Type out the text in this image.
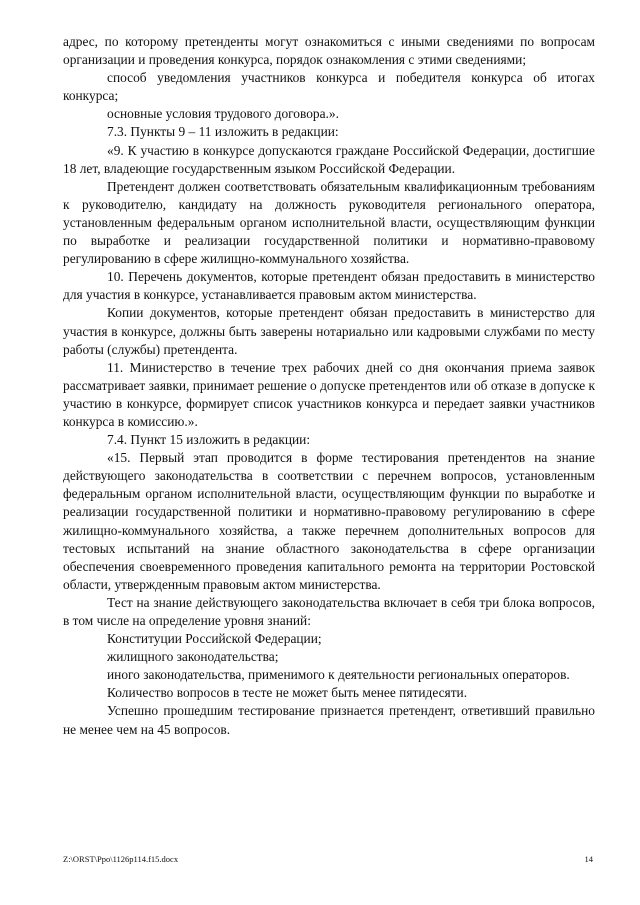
адрес, по которому претенденты могут ознакомиться с иными сведениями по вопросам организации и проведения конкурса, порядок ознакомления с этими сведениями;

способ уведомления участников конкурса и победителя конкурса об итогах конкурса;

основные условия трудового договора.».

7.3. Пункты 9 – 11 изложить в редакции:

«9. К участию в конкурсе допускаются граждане Российской Федерации, достигшие 18 лет, владеющие государственным языком Российской Федерации.

Претендент должен соответствовать обязательным квалификационным требованиям к руководителю, кандидату на должность руководителя регионального оператора, установленным федеральным органом исполнительной власти, осуществляющим функции по выработке и реализации государственной политики и нормативно-правовому регулированию в сфере жилищно-коммунального хозяйства.

10. Перечень документов, которые претендент обязан предоставить в министерство для участия в конкурсе, устанавливается правовым актом министерства.

Копии документов, которые претендент обязан предоставить в министерство для участия в конкурсе, должны быть заверены нотариально или кадровыми службами по месту работы (службы) претендента.

11. Министерство в течение трех рабочих дней со дня окончания приема заявок рассматривает заявки, принимает решение о допуске претендентов или об отказе в допуске к участию в конкурсе, формирует список участников конкурса и передает заявки участников конкурса в комиссию.».

7.4. Пункт 15 изложить в редакции:

«15. Первый этап проводится в форме тестирования претендентов на знание действующего законодательства в соответствии с перечнем вопросов, установленным федеральным органом исполнительной власти, осуществляющим функции по выработке и реализации государственной политики и нормативно-правовому регулированию в сфере жилищно-коммунального хозяйства, а также перечнем дополнительных вопросов для тестовых испытаний на знание областного законодательства в сфере организации обеспечения своевременного проведения капитального ремонта на территории Ростовской области, утвержденным правовым актом министерства.

Тест на знание действующего законодательства включает в себя три блока вопросов, в том числе на определение уровня знаний:

Конституции Российской Федерации;

жилищного законодательства;

иного законодательства, применимого к деятельности региональных операторов.

Количество вопросов в тесте не может быть менее пятидесяти.

Успешно прошедшим тестирование признается претендент, ответивший правильно не менее чем на 45 вопросов.

Z:\ORST\Ppo\1126p114.f15.docx	14
